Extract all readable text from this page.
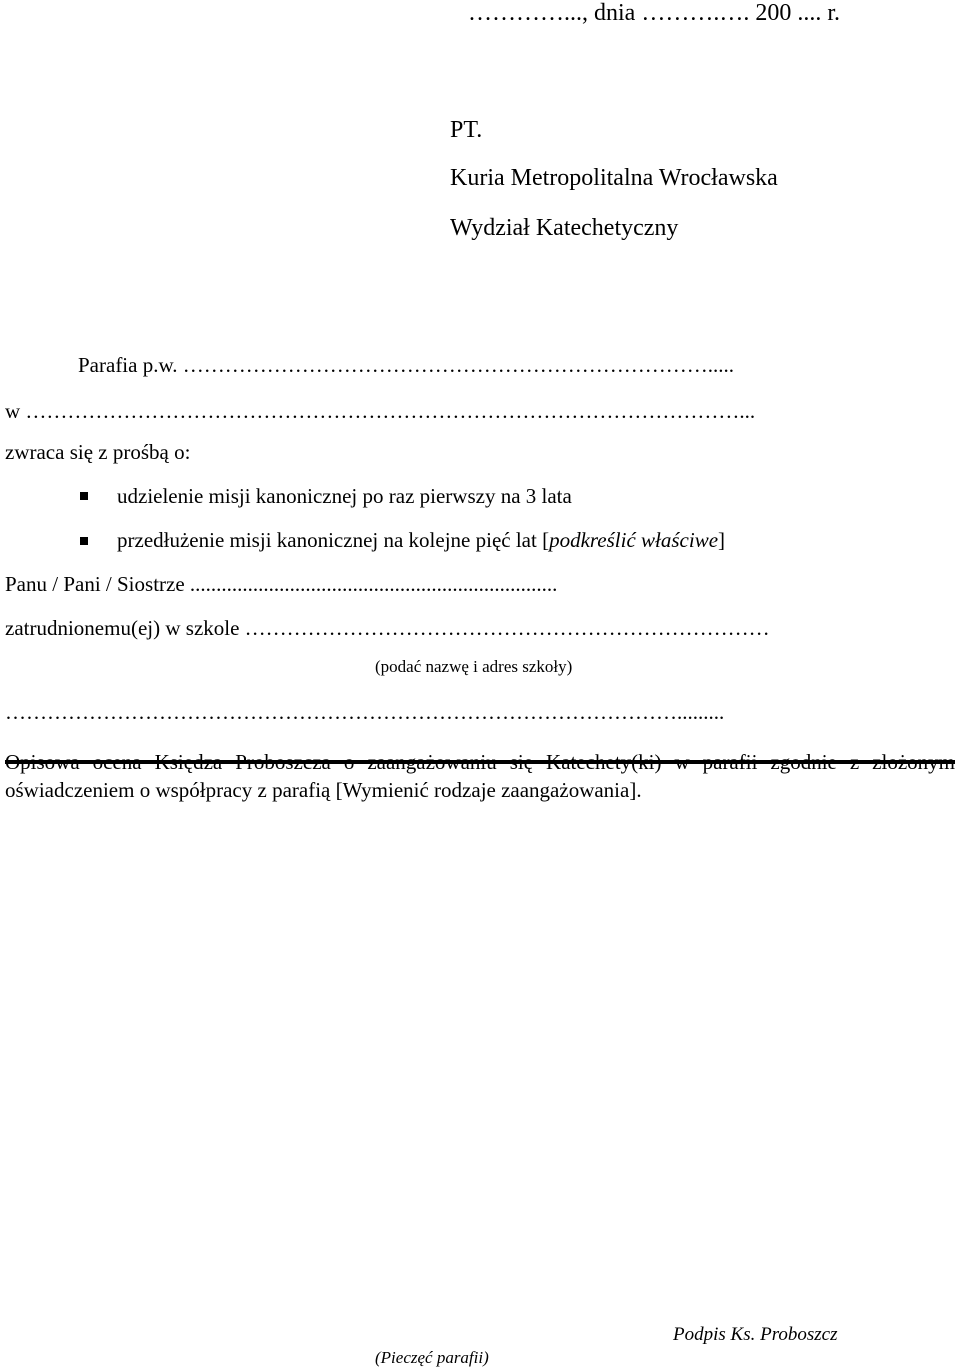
…………..., dnia ……….…. 200 .... r.
PT.
Kuria Metropolitalna Wrocławska
Wydział Katechetyczny
Parafia p.w. ………………………………………………………………….....
w …………………………………………………………………………………………...
zwraca się z prośbą o:
udzielenie misji kanonicznej po raz pierwszy na 3 lata
przedłużenie misji kanonicznej na kolejne pięć lat [podkreślić właściwe]
Panu / Pani / Siostrze ......................................................................
zatrudnionemu(ej) w szkole …………………………………………………………………
(podać nazwę i adres szkoły)
…………………………………………………………………………………….........
Opisowa ocena Księdza Proboszcza o zaangażowaniu się Katechety(ki) w parafii zgodnie z złożonym oświadczeniem o współpracy z parafią [Wymienić rodzaje zaangażowania].
Podpis Ks. Proboszcz
(Pieczęć parafii)
